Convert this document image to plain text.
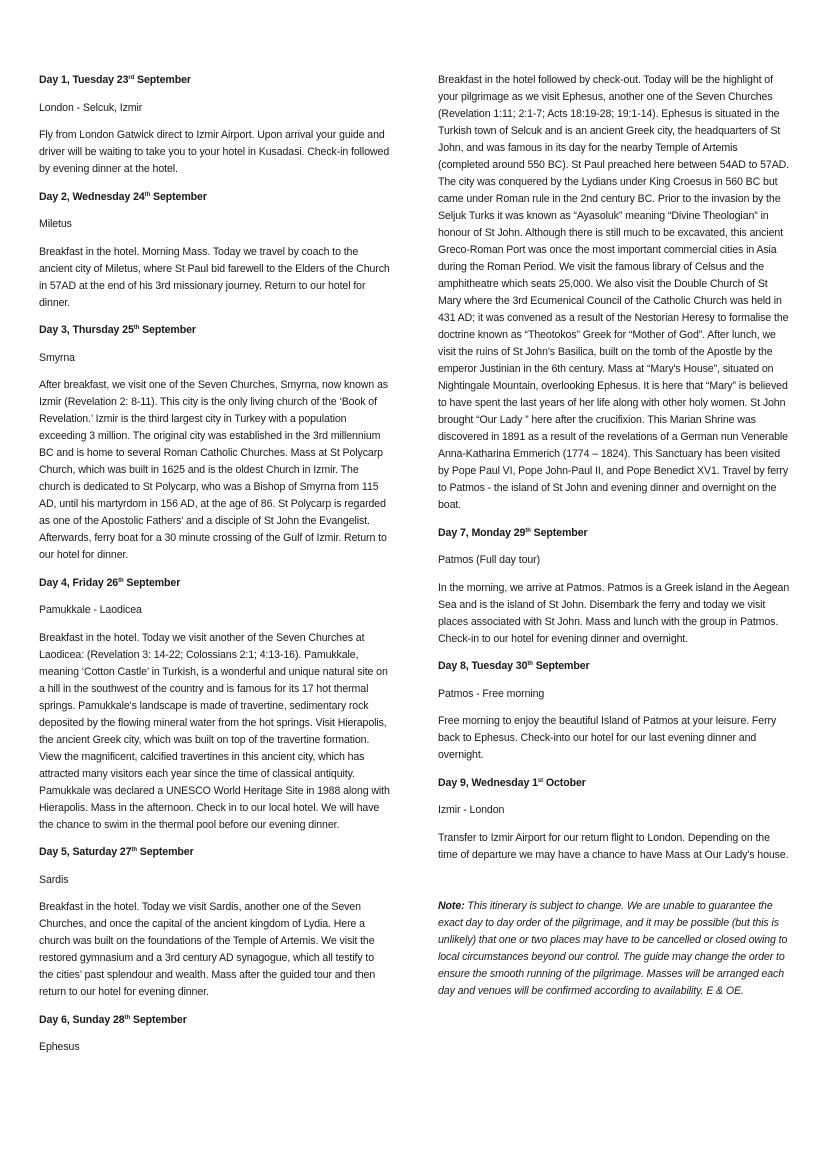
Day 1, Tuesday 23rd September

London - Selcuk, Izmir

Fly from London Gatwick direct to Izmir Airport. Upon arrival your guide and driver will be waiting to take you to your hotel in Kusadasi. Check-in followed by evening dinner at the hotel.

Day 2, Wednesday 24th September

Miletus

Breakfast in the hotel. Morning Mass. Today we travel by coach to the ancient city of Miletus, where St Paul bid farewell to the Elders of the Church in 57AD at the end of his 3rd missionary journey. Return to our hotel for dinner.

Day 3, Thursday 25th September

Smyrna

After breakfast, we visit one of the Seven Churches, Smyrna, now known as Izmir (Revelation 2: 8-11). This city is the only living church of the ‘Book of Revelation.’ Izmir is the third largest city in Turkey with a population exceeding 3 million. The original city was established in the 3rd millennium BC and is home to several Roman Catholic Churches. Mass at St Polycarp Church, which was built in 1625 and is the oldest Church in Izmir. The church is dedicated to St Polycarp, who was a Bishop of Smyrna from 115 AD, until his martyrdom in 156 AD, at the age of 86. St Polycarp is regarded as one of the Apostolic Fathers' and a disciple of St John the Evangelist. Afterwards, ferry boat for a 30 minute crossing of the Gulf of Izmir. Return to our hotel for dinner.

Day 4, Friday 26th September

Pamukkale - Laodicea

Breakfast in the hotel. Today we visit another of the Seven Churches at Laodicea: (Revelation 3: 14-22; Colossians 2:1; 4:13-16). Pamukkale, meaning ‘Cotton Castle’ in Turkish, is a wonderful and unique natural site on a hill in the southwest of the country and is famous for its 17 hot thermal springs. Pamukkale's landscape is made of travertine, sedimentary rock deposited by the flowing mineral water from the hot springs. Visit Hierapolis, the ancient Greek city, which was built on top of the travertine formation. View the magnificent, calcified travertines in this ancient city, which has attracted many visitors each year since the time of classical antiquity. Pamukkale was declared a UNESCO World Heritage Site in 1988 along with Hierapolis. Mass in the afternoon. Check in to our local hotel. We will have the chance to swim in the thermal pool before our evening dinner.

Day 5, Saturday 27th September

Sardis

Breakfast in the hotel. Today we visit Sardis, another one of the Seven Churches, and once the capital of the ancient kingdom of Lydia. Here a church was built on the foundations of the Temple of Artemis. We visit the restored gymnasium and a 3rd century AD synagogue, which all testify to the cities’ past splendour and wealth. Mass after the guided tour and then return to our hotel for evening dinner.

Day 6, Sunday 28th September

Ephesus

Breakfast in the hotel followed by check-out. Today will be the highlight of your pilgrimage as we visit Ephesus, another one of the Seven Churches (Revelation 1:11; 2:1-7; Acts 18:19-28; 19:1-14). Ephesus is situated in the Turkish town of Selcuk and is an ancient Greek city, the headquarters of St John, and was famous in its day for the nearby Temple of Artemis (completed around 550 BC). St Paul preached here between 54AD to 57AD. The city was conquered by the Lydians under King Croesus in 560 BC but came under Roman rule in the 2nd century BC. Prior to the invasion by the Seljuk Turks it was known as “Ayasoluk” meaning “Divine Theologian” in honour of St John. Although there is still much to be excavated, this ancient Greco-Roman Port was once the most important commercial cities in Asia during the Roman Period. We visit the famous library of Celsus and the amphitheatre which seats 25,000. We also visit the Double Church of St Mary where the 3rd Ecumenical Council of the Catholic Church was held in 431 AD; it was convened as a result of the Nestorian Heresy to formalise the doctrine known as “Theotokos” Greek for “Mother of God”. After lunch, we visit the ruins of St John's Basilica, built on the tomb of the Apostle by the emperor Justinian in the 6th century. Mass at “Mary's House”, situated on Nightingale Mountain, overlooking Ephesus. It is here that “Mary” is believed to have spent the last years of her life along with other holy women. St John brought “Our Lady ” here after the crucifixion. This Marian Shrine was discovered in 1891 as a result of the revelations of a German nun Venerable Anna-Katharina Emmerich (1774 – 1824). This Sanctuary has been visited by Pope Paul VI, Pope John-Paul II, and Pope Benedict XV1. Travel by ferry to Patmos - the island of St John and evening dinner and overnight on the boat.

Day 7, Monday 29th September

Patmos (Full day tour)

In the morning, we arrive at Patmos. Patmos is a Greek island in the Aegean Sea and is the island of St John. Disembark the ferry and today we visit places associated with St John. Mass and lunch with the group in Patmos. Check-in to our hotel for evening dinner and overnight.

Day 8, Tuesday 30th September

Patmos - Free morning

Free morning to enjoy the beautiful Island of Patmos at your leisure. Ferry back to Ephesus. Check-into our hotel for our last evening dinner and overnight.

Day 9, Wednesday 1st October

Izmir - London

Transfer to Izmir Airport for our return flight to London. Depending on the time of departure we may have a chance to have Mass at Our Lady's house.

Note: This itinerary is subject to change. We are unable to guarantee the exact day to day order of the pilgrimage, and it may be possible (but this is unlikely) that one or two places may have to be cancelled or closed owing to local circumstances beyond our control. The guide may change the order to ensure the smooth running of the pilgrimage. Masses will be arranged each day and venues will be confirmed according to availability. E & OE.
